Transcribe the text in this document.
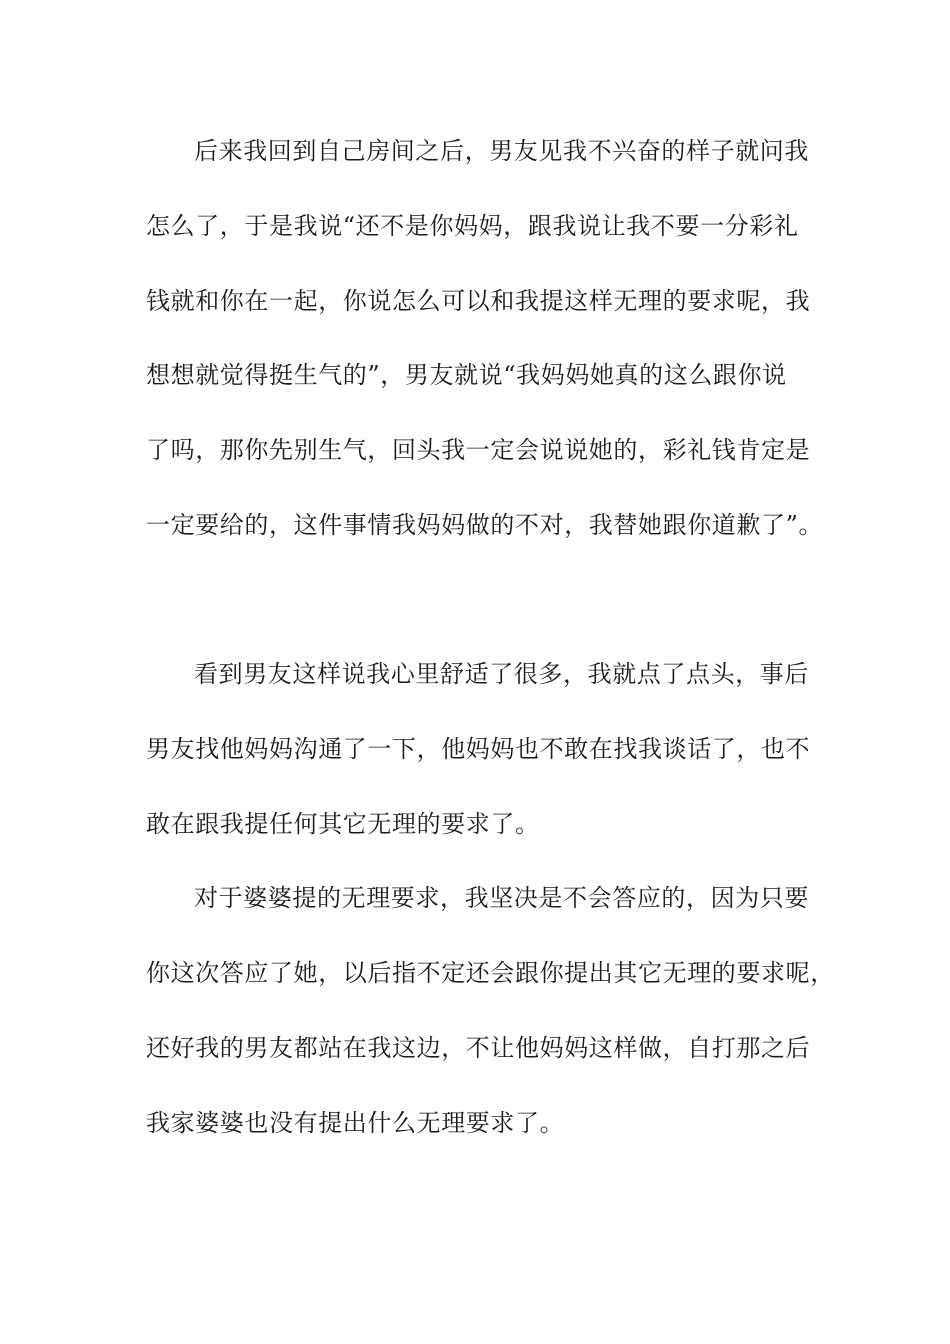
后来我回到自己房间之后，男友见我不兴奋的样子就问我
怎么了，于是我说“还不是你妈妈，跟我说让我不要一分彩礼
钱就和你在一起，你说怎么可以和我提这样无理的要求呢，我
想想就觉得挺生气的”，男友就说“我妈妈她真的这么跟你说
了吗，那你先别生气，回头我一定会说说她的，彩礼钱肯定是
一定要给的，这件事情我妈妈做的不对，我替她跟你道歉了”。
看到男友这样说我心里舒适了很多，我就点了点头，事后
男友找他妈妈沟通了一下，他妈妈也不敢在找我谈话了，也不
敢在跟我提任何其它无理的要求了。
对于婆婆提的无理要求，我坚决是不会答应的，因为只要
你这次答应了她，以后指不定还会跟你提出其它无理的要求呢，
还好我的男友都站在我这边，不让他妈妈这样做，自打那之后
我家婆婆也没有提出什么无理要求了。
